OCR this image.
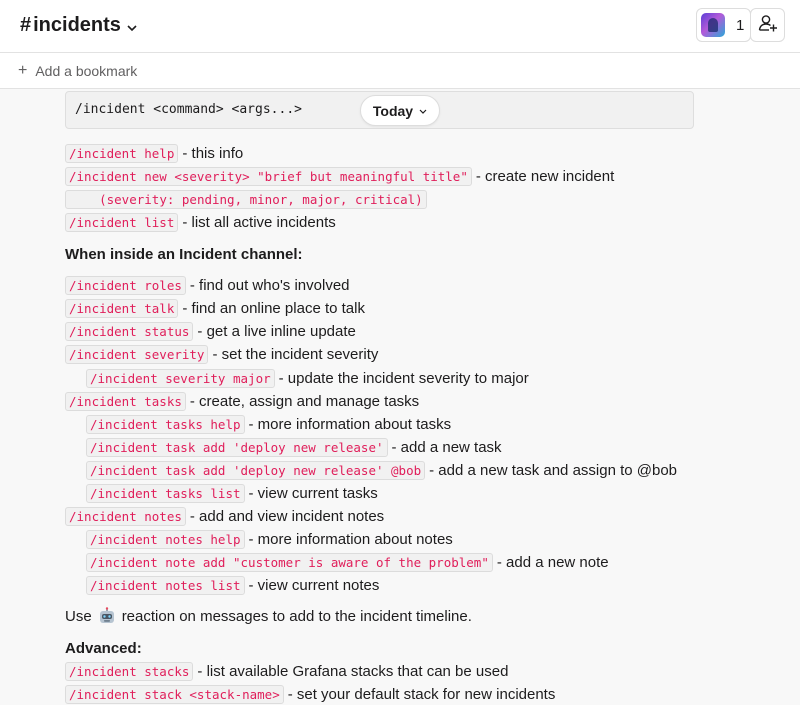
# incidents	1
+ Add a bookmark
/incident <command> <args...>	Today
/incident help - this info
/incident new <severity> "brief but meaningful title" - create new incident
(severity: pending, minor, major, critical)
/incident list - list all active incidents
When inside an Incident channel:
/incident roles - find out who's involved
/incident talk - find an online place to talk
/incident status - get a live inline update
/incident severity - set the incident severity
/incident severity major - update the incident severity to major
/incident tasks - create, assign and manage tasks
/incident tasks help - more information about tasks
/incident task add 'deploy new release' - add a new task
/incident task add 'deploy new release' @bob - add a new task and assign to @bob
/incident tasks list - view current tasks
/incident notes - add and view incident notes
/incident notes help - more information about notes
/incident note add "customer is aware of the problem" - add a new note
/incident notes list - view current notes
Use reaction on messages to add to the incident timeline.
Advanced:
/incident stacks - list available Grafana stacks that can be used
/incident stack <stack-name> - set your default stack for new incidents
